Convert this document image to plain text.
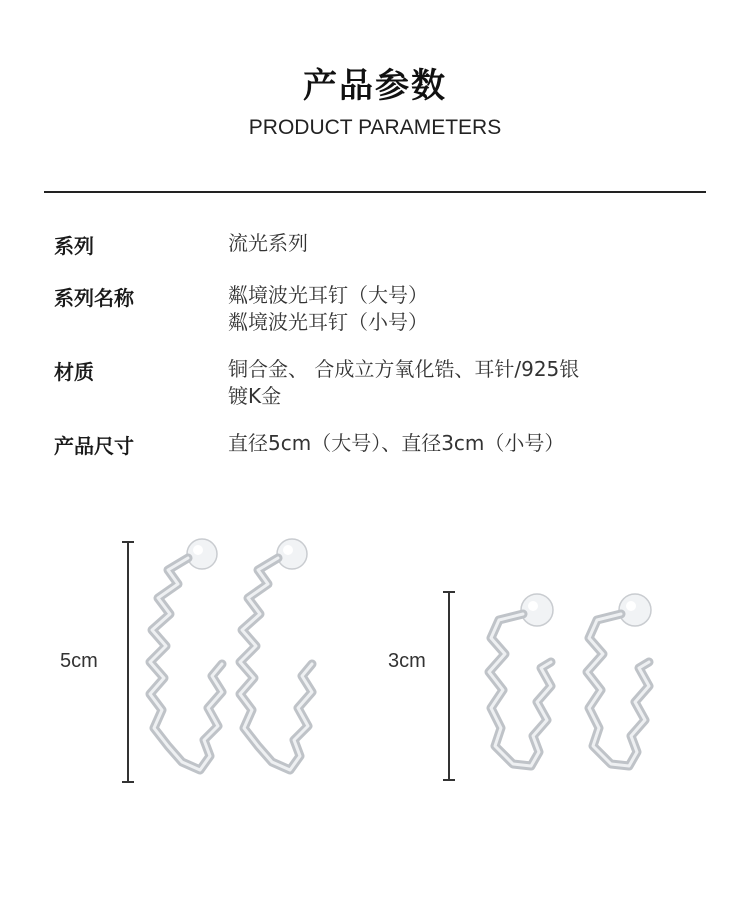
产品参数
PRODUCT PARAMETERS
系列	流光系列
系列名称	粼境波光耳钉（大号）
粼境波光耳钉（小号）
材质	铜合金、 合成立方氧化锆、耳针/925银
镀K金
产品尺寸	直径5cm（大号）、直径3cm（小号）
5cm	3cm
